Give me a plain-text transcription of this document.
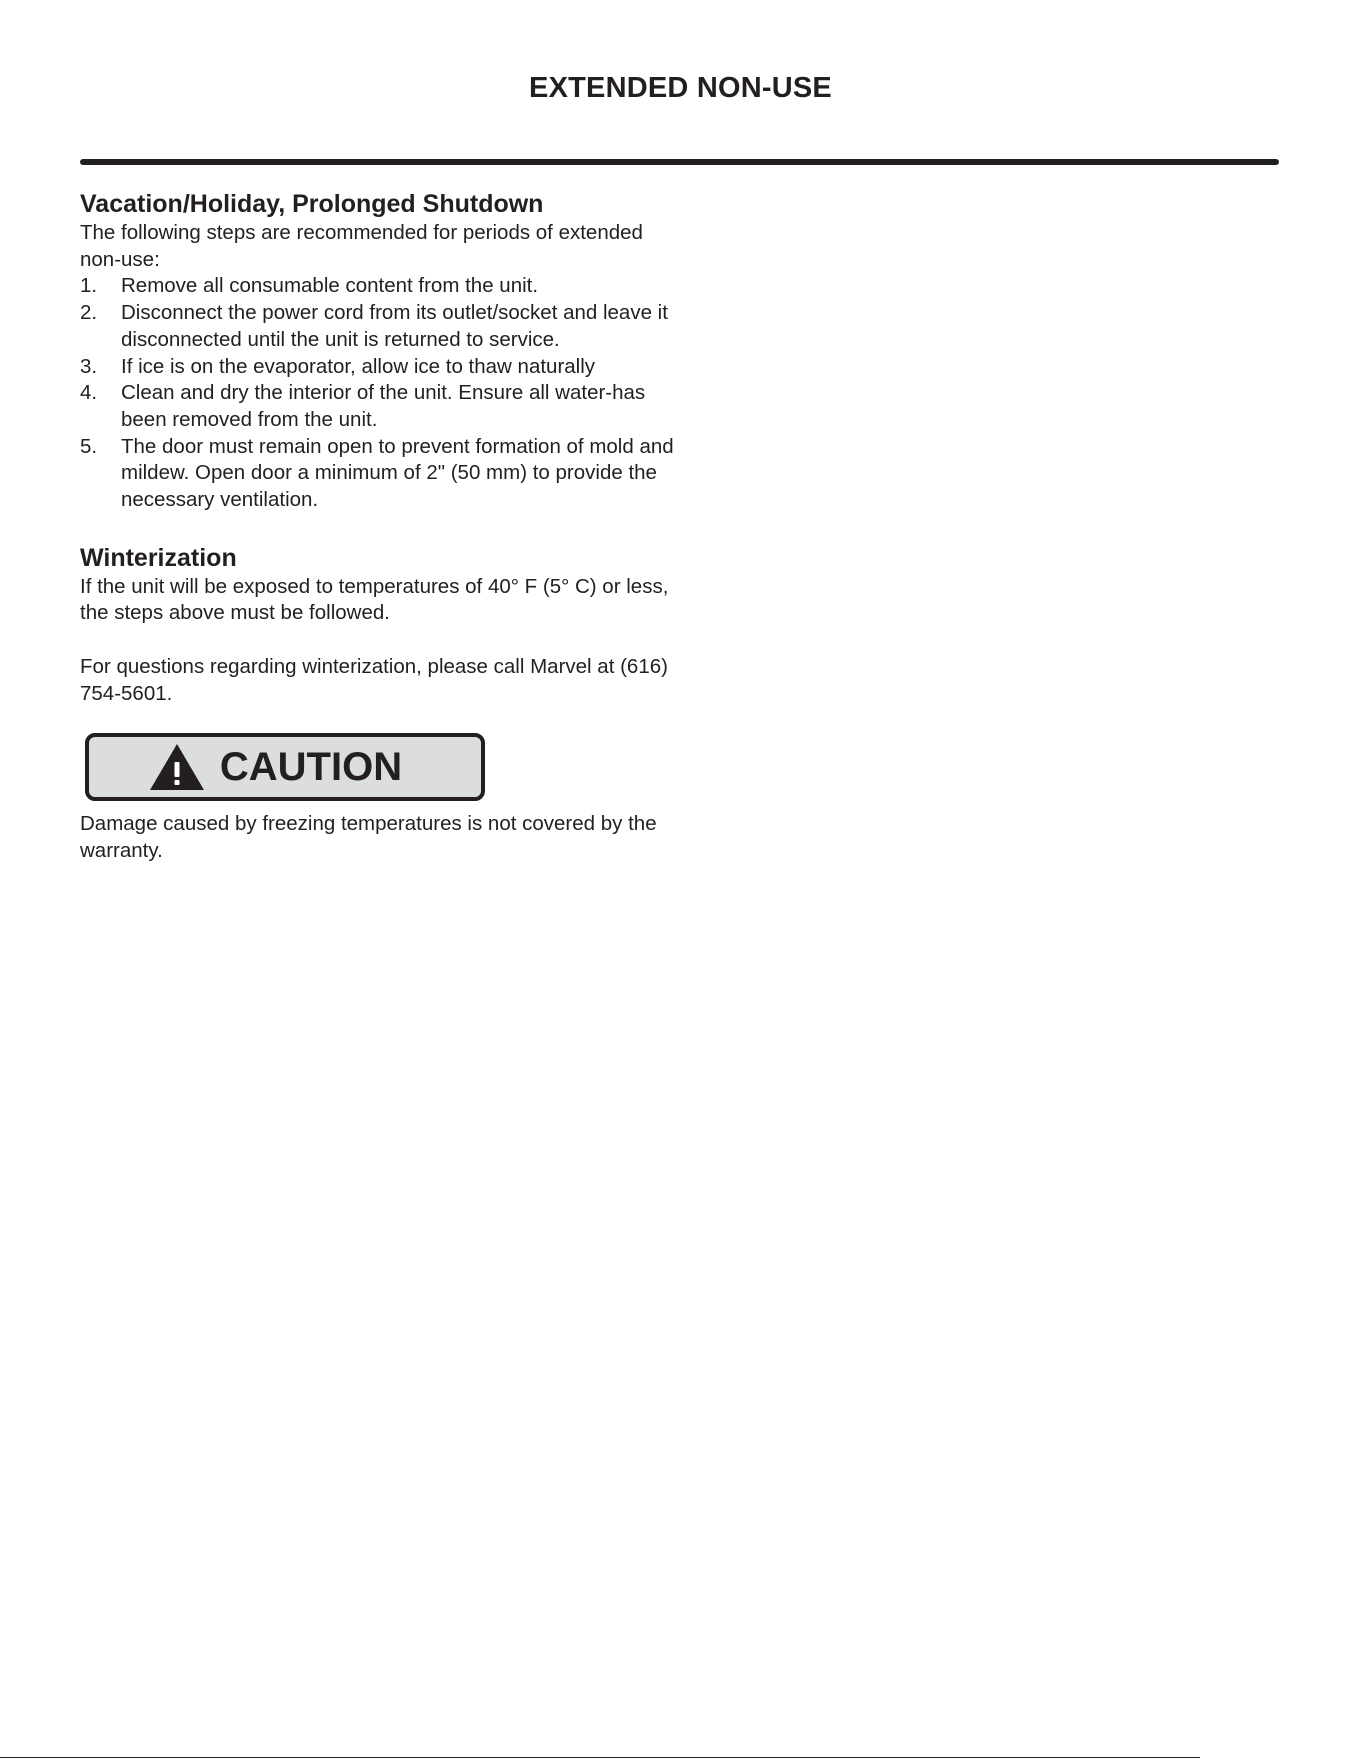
EXTENDED NON-USE
Vacation/Holiday, Prolonged Shutdown

The following steps are recommended for periods of extended non-use:

1. Remove all consumable content from the unit.
2. Disconnect the power cord from its outlet/socket and leave it disconnected until the unit is returned to service.
3. If ice is on the evaporator, allow ice to thaw naturally
4. Clean and dry the interior of the unit. Ensure all water-has been removed from the unit.
5. The door must remain open to prevent formation of mold and mildew. Open door a minimum of 2" (50 mm) to provide the necessary ventilation.
Winterization

If the unit will be exposed to temperatures of 40° F (5° C) or less, the steps above must be followed.

For questions regarding winterization, please call Marvel at (616) 754-5601.

CAUTION

Damage caused by freezing temperatures is not covered by the warranty.
